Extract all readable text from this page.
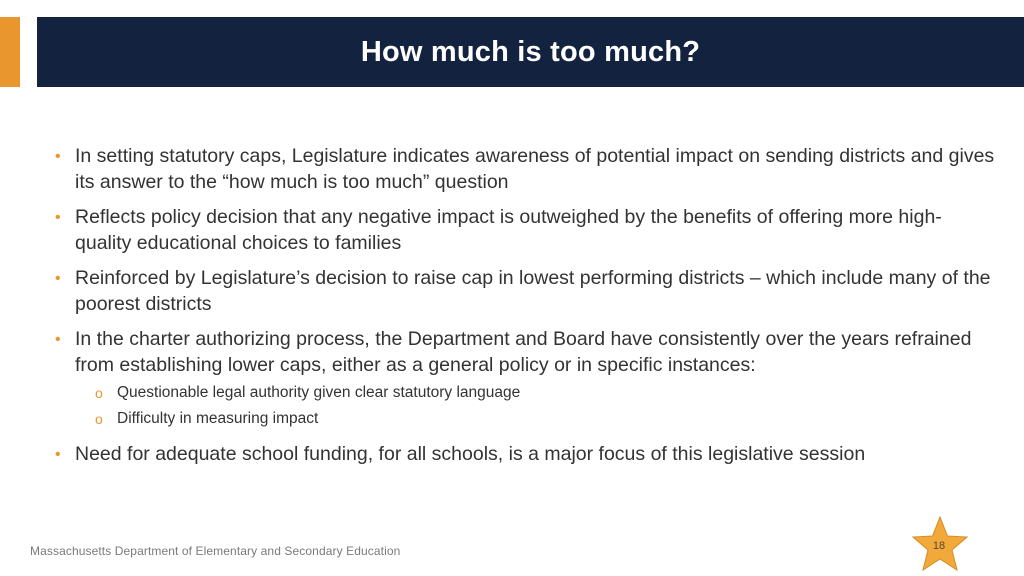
How much is too much?
• In setting statutory caps, Legislature indicates awareness of potential impact on sending districts and gives its answer to the “how much is too much” question
• Reflects policy decision that any negative impact is outweighed by the benefits of offering more high-quality educational choices to families
• Reinforced by Legislature’s decision to raise cap in lowest performing districts – which include many of the poorest districts
• In the charter authorizing process, the Department and Board have consistently over the years refrained from establishing lower caps, either as a general policy or in specific instances:
o Questionable legal authority given clear statutory language
o Difficulty in measuring impact
• Need for adequate school funding, for all schools, is a major focus of this legislative session
Massachusetts Department of Elementary and Secondary Education	18
